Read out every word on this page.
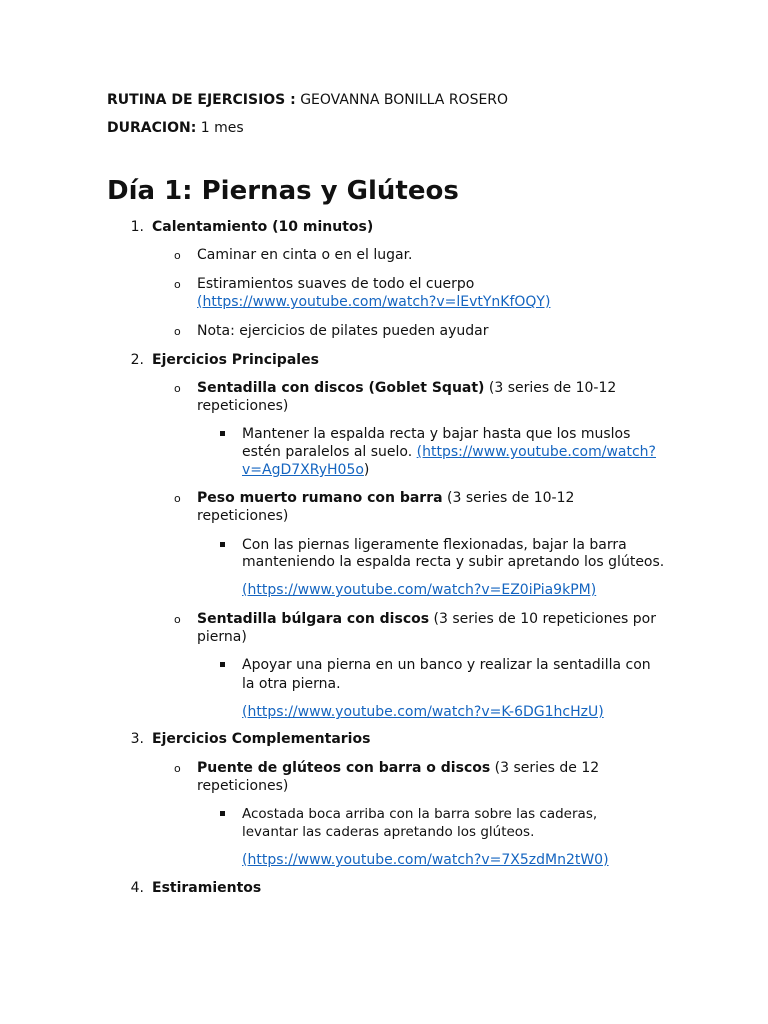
RUTINA DE EJERCISIOS : GEOVANNA BONILLA ROSERO
DURACION: 1 mes
Día 1: Piernas y Glúteos
1. Calentamiento (10 minutos)
o Caminar en cinta o en el lugar.
o Estiramientos suaves de todo el cuerpo
(https://www.youtube.com/watch?v=lEvtYnKfOQY)
o Nota: ejercicios de pilates pueden ayudar
2. Ejercicios Principales
o Sentadilla con discos (Goblet Squat) (3 series de 10-12
repeticiones)
Mantener la espalda recta y bajar hasta que los muslos
estén paralelos al suelo. (https://www.youtube.com/watch?
v=AgD7XRyH05o)
o Peso muerto rumano con barra (3 series de 10-12
repeticiones)
Con las piernas ligeramente flexionadas, bajar la barra
manteniendo la espalda recta y subir apretando los glúteos.
(https://www.youtube.com/watch?v=EZ0iPia9kPM)
o Sentadilla búlgara con discos (3 series de 10 repeticiones por
pierna)
Apoyar una pierna en un banco y realizar la sentadilla con
la otra pierna.
(https://www.youtube.com/watch?v=K-6DG1hcHzU)
3. Ejercicios Complementarios
o Puente de glúteos con barra o discos (3 series de 12
repeticiones)
Acostada boca arriba con la barra sobre las caderas,
levantar las caderas apretando los glúteos.
(https://www.youtube.com/watch?v=7X5zdMn2tW0)
4. Estiramientos
